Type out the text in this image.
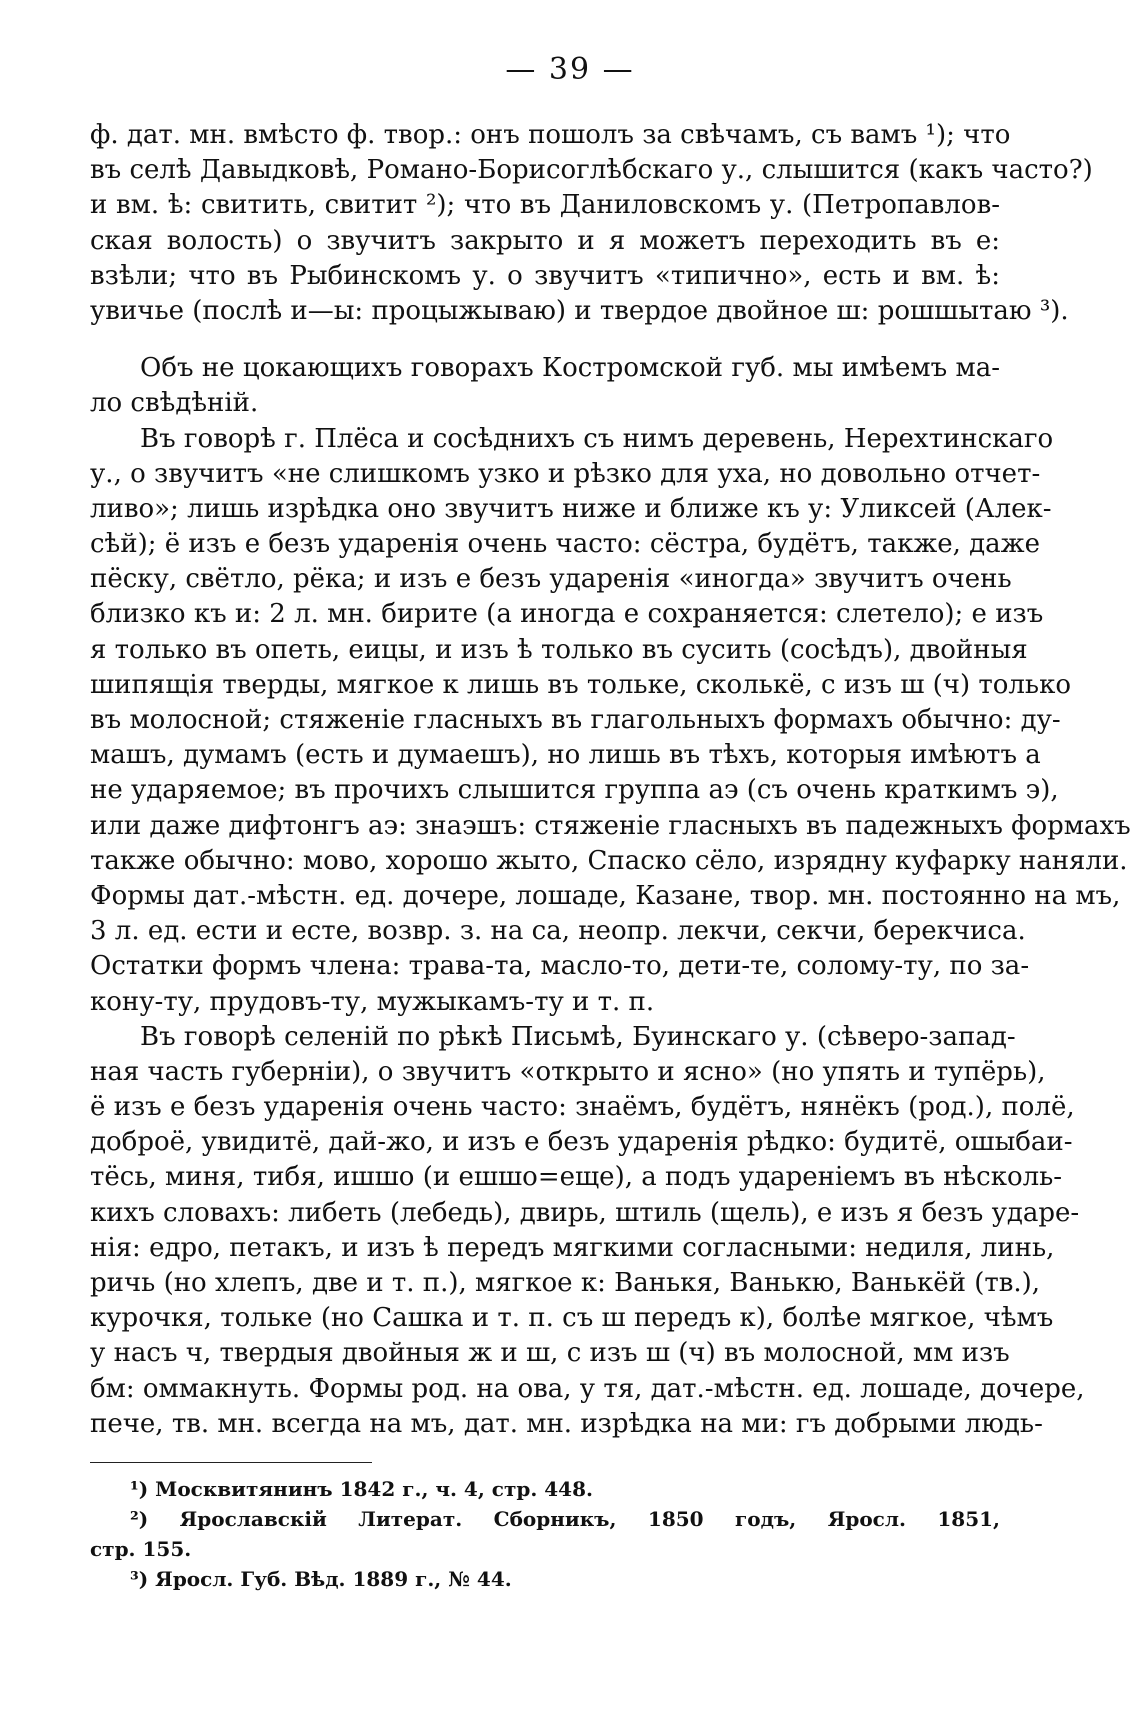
— 39 —
ф. дат. мн. вмѣсто ф. твор.: онъ пошолъ за свѣчамъ, съ вамъ ¹); что
въ селѣ Давыдковѣ, Романо-Борисоглѣбскаго у., слышится (какъ часто?)
и вм. ѣ: свитить, свитит ²); что въ Даниловскомъ у. (Петропавлов-
ская волость) о звучитъ закрыто и я можетъ переходить въ е:
взѣли; что въ Рыбинскомъ у. о звучитъ «типично», есть и вм. ѣ:
увичье (послѣ и—ы: процыжываю) и твердое двойное ш: рошшытаю ³).
Объ не цокающихъ говорахъ Костромской губ. мы имѣемъ ма-
ло свѣдѣній.
Въ говорѣ г. Плёса и сосѣднихъ съ нимъ деревень, Нерехтинскаго
у., о звучитъ «не слишкомъ узко и рѣзко для уха, но довольно отчет-
ливо»; лишь изрѣдка оно звучитъ ниже и ближе къ у: Уликсей (Алек-
сѣй); ё изъ е безъ ударенія очень часто: сёстра, будётъ, также, даже
пёску, свётло, рёка; и изъ е безъ ударенія «иногда» звучитъ очень
близко къ и: 2 л. мн. бирите (а иногда е сохраняется: слетело); е изъ
я только въ опеть, еицы, и изъ ѣ только въ сусить (сосѣдъ), двойныя
шипящія тверды, мягкое к лишь въ тольке, сколькё, с изъ ш (ч) только
въ молосной; стяженіе гласныхъ въ глагольныхъ формахъ обычно: ду-
машъ, думамъ (есть и думаешъ), но лишь въ тѣхъ, которыя имѣютъ а
не ударяемое; въ прочихъ слышится группа аэ (съ очень краткимъ э),
или даже дифтонгъ аэ: знаэшъ: стяженіе гласныхъ въ падежныхъ формахъ
также обычно: мово, хорошо жыто, Спаско сёло, изрядну куфарку наняли.
Формы дат.-мѣстн. ед. дочере, лошаде, Казане, твор. мн. постоянно на мъ,
3 л. ед. ести и есте, возвр. з. на са, неопр. лекчи, секчи, берекчиса.
Остатки формъ члена: трава-та, масло-то, дети-те, солому-ту, по за-
кону-ту, прудовъ-ту, мужыкамъ-ту и т. п.
Въ говорѣ селеній по рѣкѣ Письмѣ, Буинскаго у. (сѣверо-запад-
ная часть губерніи), о звучитъ «открыто и ясно» (но упять и тупёрь),
ё изъ е безъ ударенія очень часто: знаёмъ, будётъ, нянёкъ (род.), полё,
доброё, увидитё, дай-жо, и изъ е безъ ударенія рѣдко: будитё, ошыбаи-
тёсь, миня, тибя, ишшо (и ешшо=еще), а подъ удареніемъ въ нѣсколь-
кихъ словахъ: либеть (лебедь), двирь, штиль (щель), е изъ я безъ ударе-
нія: едро, петакъ, и изъ ѣ передъ мягкими согласными: недиля, линь,
ричь (но хлепъ, две и т. п.), мягкое к: Ванькя, Ванькю, Ванькёй (тв.),
курочкя, тольке (но Сашка и т. п. съ ш передъ к), болѣе мягкое, чѣмъ
у насъ ч, твердыя двойныя ж и ш, с изъ ш (ч) въ молосной, мм изъ
бм: оммакнуть. Формы род. на ова, у тя, дат.-мѣстн. ед. лошаде, дочере,
пече, тв. мн. всегда на мъ, дат. мн. изрѣдка на ми: гъ добрыми людь-
¹) Москвитянинъ 1842 г., ч. 4, стр. 448.
²) Ярославскій Литерат. Сборникъ, 1850 годъ, Яросл. 1851,
стр. 155.
³) Яросл. Губ. Вѣд. 1889 г., № 44.
